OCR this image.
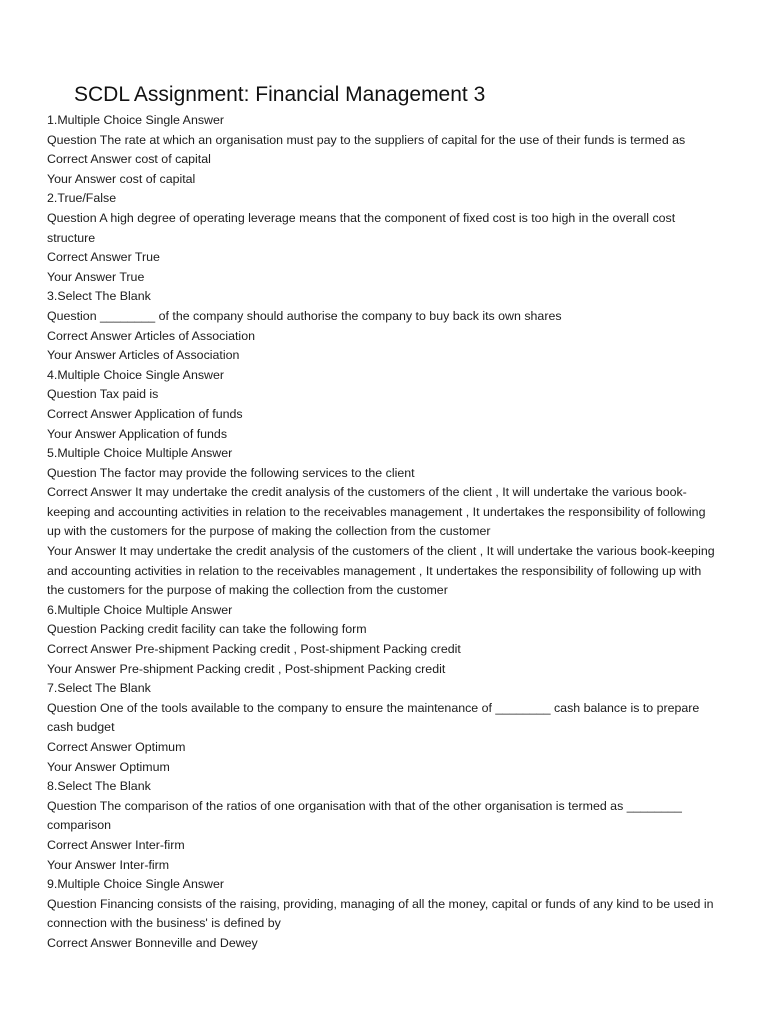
SCDL Assignment: Financial Management 3
1.Multiple Choice Single Answer
Question The rate at which an organisation must pay to the suppliers of capital for the use of their funds is termed as
Correct Answer cost of capital
Your Answer cost of capital
2.True/False
Question A high degree of operating leverage means that the component of fixed cost is too high in the overall cost structure
Correct Answer True
Your Answer True
3.Select The Blank
Question ________ of the company should authorise the company to buy back its own shares
Correct Answer Articles of Association
Your Answer Articles of Association
4.Multiple Choice Single Answer
Question Tax paid is
Correct Answer Application of funds
Your Answer Application of funds
5.Multiple Choice Multiple Answer
Question The factor may provide the following services to the client
Correct Answer It may undertake the credit analysis of the customers of the client , It will undertake the various book-keeping and accounting activities in relation to the receivables management , It undertakes the responsibility of following up with the customers for the purpose of making the collection from the customer
Your Answer It may undertake the credit analysis of the customers of the client , It will undertake the various book-keeping and accounting activities in relation to the receivables management , It undertakes the responsibility of following up with the customers for the purpose of making the collection from the customer
6.Multiple Choice Multiple Answer
Question Packing credit facility can take the following form
Correct Answer Pre-shipment Packing credit , Post-shipment Packing credit
Your Answer Pre-shipment Packing credit , Post-shipment Packing credit
7.Select The Blank
Question One of the tools available to the company to ensure the maintenance of ________ cash balance is to prepare cash budget
Correct Answer Optimum
Your Answer Optimum
8.Select The Blank
Question The comparison of the ratios of one organisation with that of the other organisation is termed as ________ comparison
Correct Answer Inter-firm
Your Answer Inter-firm
9.Multiple Choice Single Answer
Question Financing consists of the raising, providing, managing of all the money, capital or funds of any kind to be used in connection with the business' is defined by
Correct Answer Bonneville and Dewey
